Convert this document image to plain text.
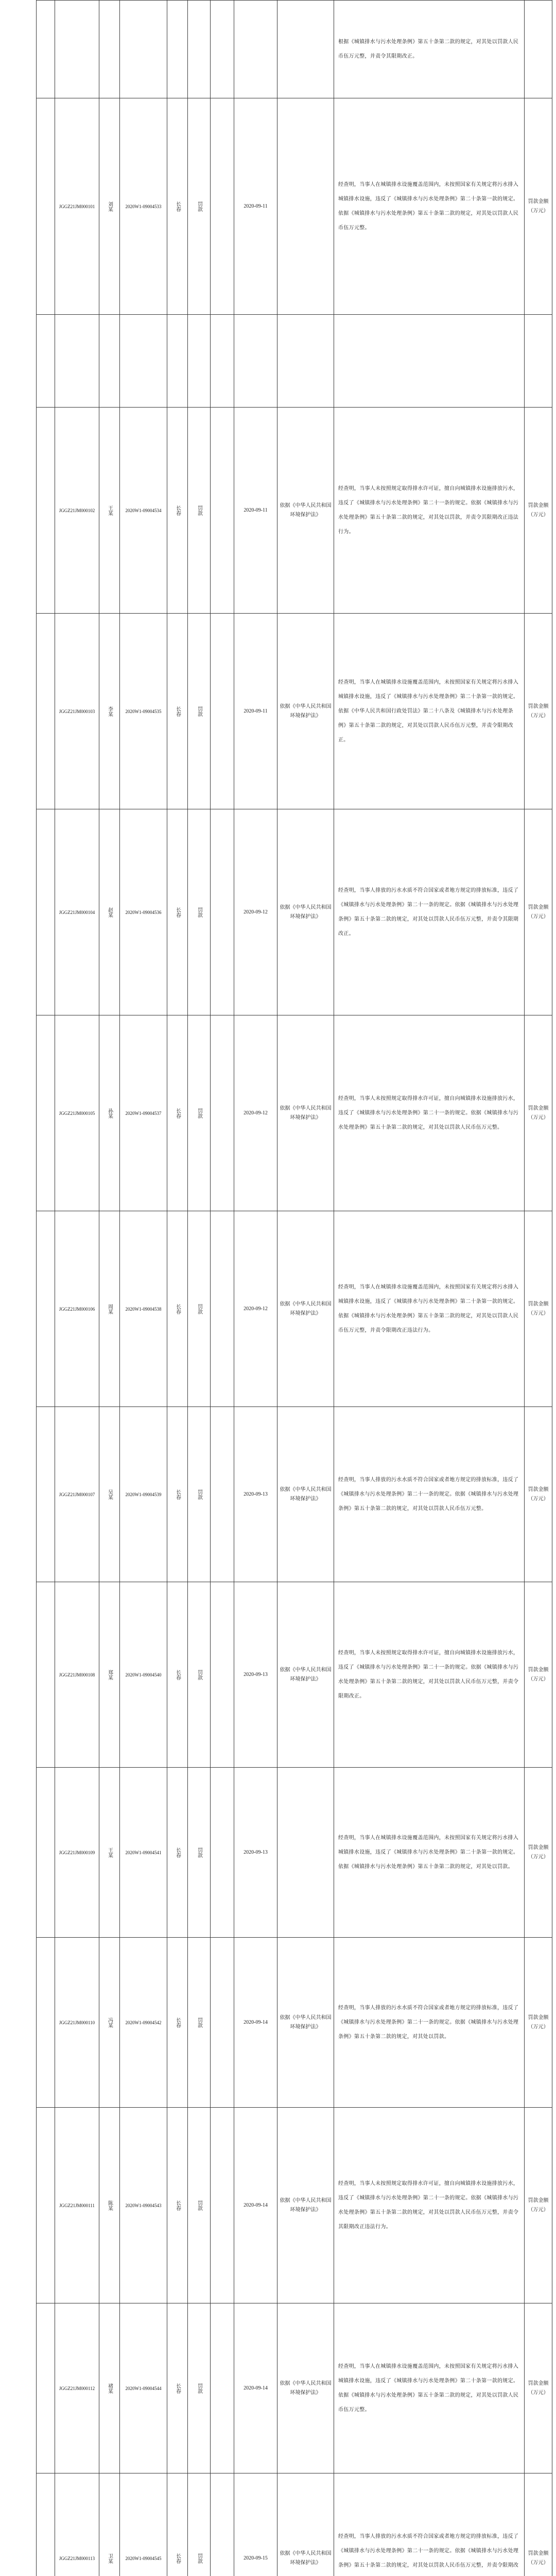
									根据《城镇排水与污水处理条例》第五十条第二款的规定，对其处以罚款人民币伍万元整，并责令其限期改正。	

	JGGZ21JM000101	刘某	2020W1-09004533	长春	罚款		2020-09-11		经查明，当事人在城镇排水设施覆盖范围内，未按照国家有关规定将污水排入城镇排水设施，违反了《城镇排水与污水处理条例》第二十条第一款的规定。依据《城镇排水与污水处理条例》第五十条第二款的规定，对其处以罚款人民币伍万元整。	罚款金额（万元）

	JGGZ21JM000102	王某	2020W1-09004534	长春	罚款		2020-09-11	依据《中华人民共和国环境保护法》	经查明，当事人未按照规定取得排水许可证，擅自向城镇排水设施排放污水，违反了《城镇排水与污水处理条例》第二十一条的规定。依据《城镇排水与污水处理条例》第五十条第二款的规定，对其处以罚款，并责令其限期改正违法行为。	罚款金额（万元）

	JGGZ21JM000103	李某	2020W1-09004535	长春	罚款		2020-09-11	依据《中华人民共和国环境保护法》	经查明，当事人在城镇排水设施覆盖范围内，未按照国家有关规定将污水排入城镇排水设施，违反了《城镇排水与污水处理条例》第二十条第一款的规定。依据《中华人民共和国行政处罚法》第二十八条及《城镇排水与污水处理条例》第五十条第二款的规定，对其处以罚款人民币伍万元整，并责令限期改正。	罚款金额（万元）

	JGGZ21JM000104	赵某	2020W1-09004536	长春	罚款		2020-09-12	依据《中华人民共和国环境保护法》	经查明，当事人排放的污水水质不符合国家或者地方规定的排放标准，违反了《城镇排水与污水处理条例》第二十一条的规定。依据《城镇排水与污水处理条例》第五十条第二款的规定，对其处以罚款人民币伍万元整，并责令其限期改正。	罚款金额（万元）

	JGGZ21JM000105	孙某	2020W1-09004537	长春	罚款		2020-09-12	依据《中华人民共和国环境保护法》	经查明，当事人未按照规定取得排水许可证，擅自向城镇排水设施排放污水，违反了《城镇排水与污水处理条例》第二十一条的规定。依据《城镇排水与污水处理条例》第五十条第二款的规定，对其处以罚款人民币伍万元整。	罚款金额（万元）

	JGGZ21JM000106	周某	2020W1-09004538	长春	罚款		2020-09-12	依据《中华人民共和国环境保护法》	经查明，当事人在城镇排水设施覆盖范围内，未按照国家有关规定将污水排入城镇排水设施，违反了《城镇排水与污水处理条例》第二十条第一款的规定。依据《城镇排水与污水处理条例》第五十条第二款的规定，对其处以罚款人民币伍万元整，并责令限期改正违法行为。	罚款金额（万元）

	JGGZ21JM000107	吴某	2020W1-09004539	长春	罚款		2020-09-13	依据《中华人民共和国环境保护法》	经查明，当事人排放的污水水质不符合国家或者地方规定的排放标准，违反了《城镇排水与污水处理条例》第二十一条的规定。依据《城镇排水与污水处理条例》第五十条第二款的规定，对其处以罚款人民币伍万元整。	罚款金额（万元）

	JGGZ21JM000108	郑某	2020W1-09004540	长春	罚款		2020-09-13	依据《中华人民共和国环境保护法》	经查明，当事人未按照规定取得排水许可证，擅自向城镇排水设施排放污水，违反了《城镇排水与污水处理条例》第二十一条的规定。依据《城镇排水与污水处理条例》第五十条第二款的规定，对其处以罚款人民币伍万元整，并责令限期改正。	罚款金额（万元）

	JGGZ21JM000109	王某	2020W1-09004541	长春	罚款		2020-09-13		经查明，当事人在城镇排水设施覆盖范围内，未按照国家有关规定将污水排入城镇排水设施，违反了《城镇排水与污水处理条例》第二十条第一款的规定。依据《城镇排水与污水处理条例》第五十条第二款的规定，对其处以罚款。	罚款金额（万元）

	JGGZ21JM000110	冯某	2020W1-09004542	长春	罚款		2020-09-14	依据《中华人民共和国环境保护法》	经查明，当事人排放的污水水质不符合国家或者地方规定的排放标准，违反了《城镇排水与污水处理条例》第二十一条的规定。依据《城镇排水与污水处理条例》第五十条第二款的规定，对其处以罚款。	罚款金额（万元）

	JGGZ21JM000111	陈某	2020W1-09004543	长春	罚款		2020-09-14	依据《中华人民共和国环境保护法》	经查明，当事人未按照规定取得排水许可证，擅自向城镇排水设施排放污水，违反了《城镇排水与污水处理条例》第二十一条的规定。依据《城镇排水与污水处理条例》第五十条第二款的规定，对其处以罚款人民币伍万元整，并责令其限期改正违法行为。	罚款金额（万元）

	JGGZ21JM000112	褚某	2020W1-09004544	长春	罚款		2020-09-14	依据《中华人民共和国环境保护法》	经查明，当事人在城镇排水设施覆盖范围内，未按照国家有关规定将污水排入城镇排水设施，违反了《城镇排水与污水处理条例》第二十条第一款的规定。依据《城镇排水与污水处理条例》第五十条第二款的规定，对其处以罚款人民币伍万元整。	罚款金额（万元）

	JGGZ21JM000113	卫某	2020W1-09004545	长春	罚款		2020-09-15	依据《中华人民共和国环境保护法》	经查明，当事人排放的污水水质不符合国家或者地方规定的排放标准，违反了《城镇排水与污水处理条例》第二十一条的规定。依据《城镇排水与污水处理条例》第五十条第二款的规定，对其处以罚款人民币伍万元整，并责令限期改	罚款金额（万元）
